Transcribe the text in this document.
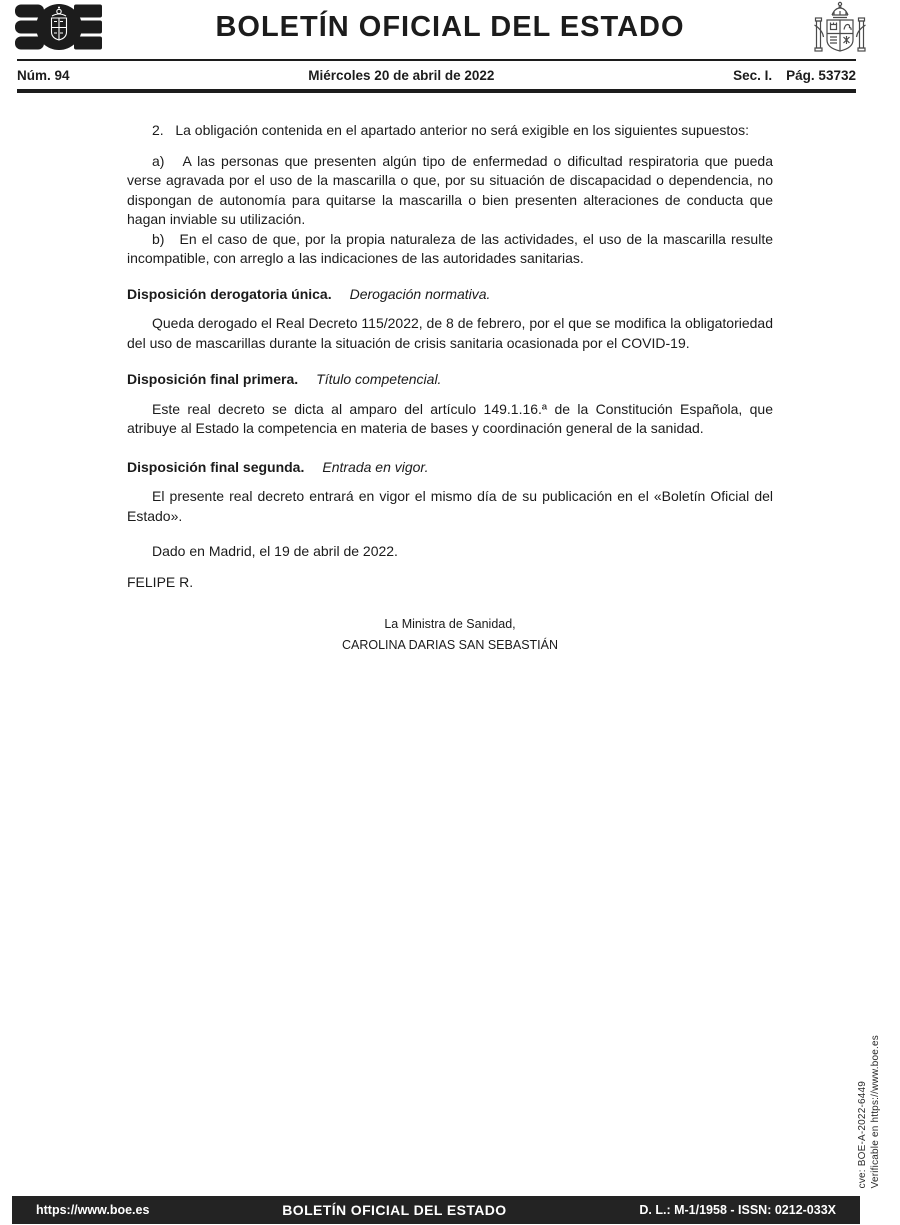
BOLETÍN OFICIAL DEL ESTADO
Núm. 94	Miércoles 20 de abril de 2022	Sec. I. Pág. 53732

2.   La obligación contenida en el apartado anterior no será exigible en los siguientes supuestos:

a)   A las personas que presenten algún tipo de enfermedad o dificultad respiratoria que pueda verse agravada por el uso de la mascarilla o que, por su situación de discapacidad o dependencia, no dispongan de autonomía para quitarse la mascarilla o bien presenten alteraciones de conducta que hagan inviable su utilización.

b)   En el caso de que, por la propia naturaleza de las actividades, el uso de la mascarilla resulte incompatible, con arreglo a las indicaciones de las autoridades sanitarias.

Disposición derogatoria única. Derogación normativa.

Queda derogado el Real Decreto 115/2022, de 8 de febrero, por el que se modifica la obligatoriedad del uso de mascarillas durante la situación de crisis sanitaria ocasionada por el COVID-19.

Disposición final primera. Título competencial.

Este real decreto se dicta al amparo del artículo 149.1.16.ª de la Constitución Española, que atribuye al Estado la competencia en materia de bases y coordinación general de la sanidad.

Disposición final segunda. Entrada en vigor.

El presente real decreto entrará en vigor el mismo día de su publicación en el «Boletín Oficial del Estado».

Dado en Madrid, el 19 de abril de 2022.

FELIPE R.

La Ministra de Sanidad,
CAROLINA DARIAS SAN SEBASTIÁN
cve: BOE-A-2022-6449 Verificable en https://www.boe.es
https://www.boe.es	BOLETÍN OFICIAL DEL ESTADO	D. L.: M-1/1958 - ISSN: 0212-033X
